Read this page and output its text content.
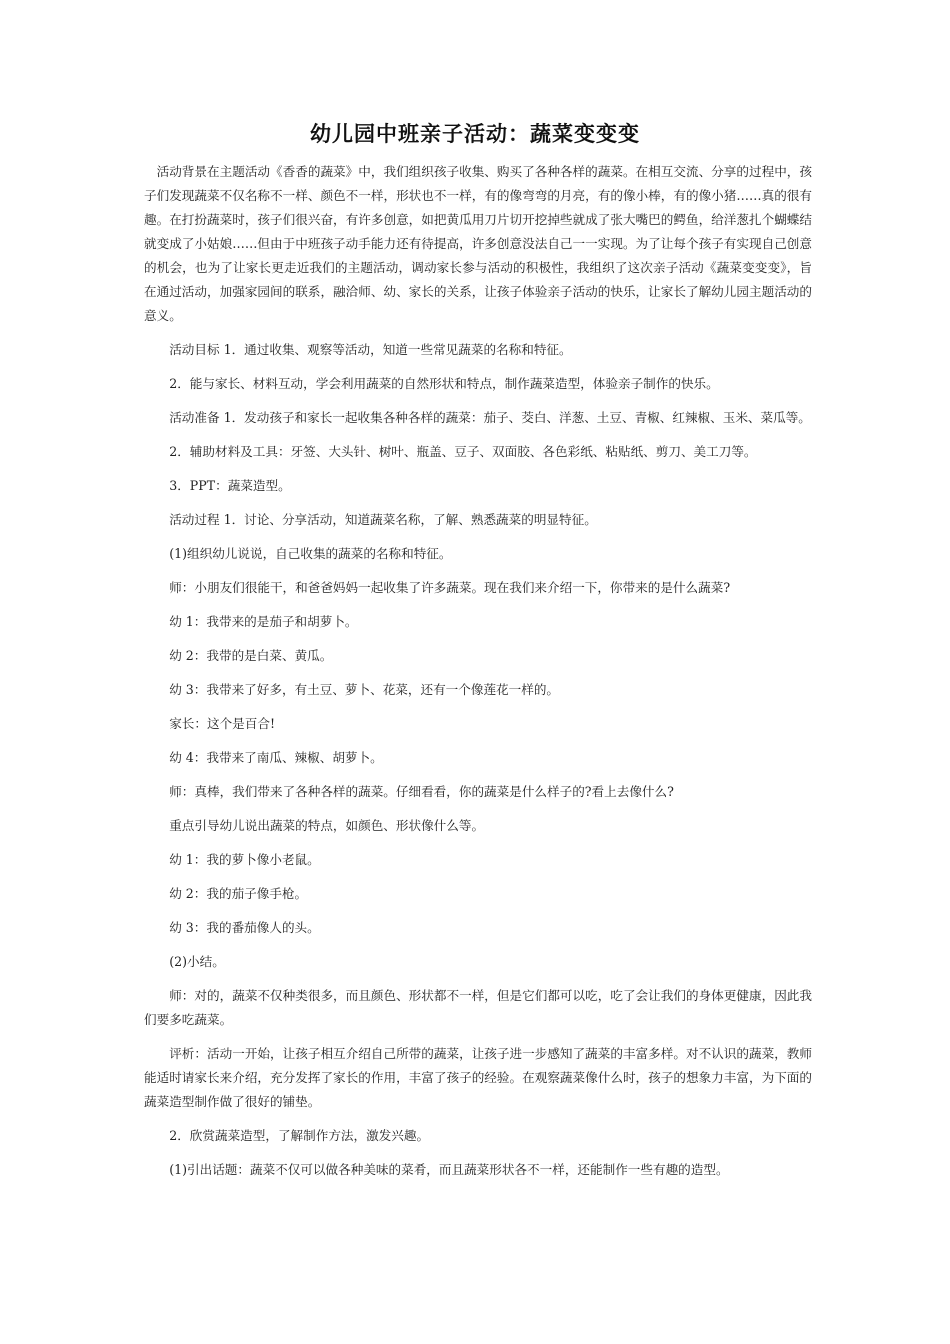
幼儿园中班亲子活动：蔬菜变变变

活动背景在主题活动《香香的蔬菜》中，我们组织孩子收集、购买了各种各样的蔬菜。在相互交流、分享的过程中，孩子们发现蔬菜不仅名称不一样、颜色不一样，形状也不一样，有的像弯弯的月亮，有的像小棒，有的像小猪……真的很有趣。在打扮蔬菜时，孩子们很兴奋，有许多创意，如把黄瓜用刀片切开挖掉些就成了张大嘴巴的鳄鱼，给洋葱扎个蝴蝶结就变成了小姑娘……但由于中班孩子动手能力还有待提高，许多创意没法自己一一实现。为了让每个孩子有实现自己创意的机会，也为了让家长更走近我们的主题活动，调动家长参与活动的积极性，我组织了这次亲子活动《蔬菜变变变》，旨在通过活动，加强家园间的联系，融洽师、幼、家长的关系，让孩子体验亲子活动的快乐，让家长了解幼儿园主题活动的意义。

活动目标 1．通过收集、观察等活动，知道一些常见蔬菜的名称和特征。

2．能与家长、材料互动，学会利用蔬菜的自然形状和特点，制作蔬菜造型，体验亲子制作的快乐。

活动准备 1．发动孩子和家长一起收集各种各样的蔬菜：茄子、茭白、洋葱、土豆、青椒、红辣椒、玉米、菜瓜等。

2．辅助材料及工具：牙签、大头针、树叶、瓶盖、豆子、双面胶、各色彩纸、粘贴纸、剪刀、美工刀等。

3．PPT：蔬菜造型。

活动过程 1．讨论、分享活动，知道蔬菜名称，了解、熟悉蔬菜的明显特征。

(1)组织幼儿说说，自己收集的蔬菜的名称和特征。

师：小朋友们很能干，和爸爸妈妈一起收集了许多蔬菜。现在我们来介绍一下，你带来的是什么蔬菜?

幼 1：我带来的是茄子和胡萝卜。

幼 2：我带的是白菜、黄瓜。

幼 3：我带来了好多，有土豆、萝卜、花菜，还有一个像莲花一样的。

家长：这个是百合!

幼 4：我带来了南瓜、辣椒、胡萝卜。

师：真棒，我们带来了各种各样的蔬菜。仔细看看，你的蔬菜是什么样子的?看上去像什么?

重点引导幼儿说出蔬菜的特点，如颜色、形状像什么等。

幼 1：我的萝卜像小老鼠。

幼 2：我的茄子像手枪。

幼 3：我的番茄像人的头。

(2)小结。

师：对的，蔬菜不仅种类很多，而且颜色、形状都不一样，但是它们都可以吃，吃了会让我们的身体更健康，因此我们要多吃蔬菜。

评析：活动一开始，让孩子相互介绍自己所带的蔬菜，让孩子进一步感知了蔬菜的丰富多样。对不认识的蔬菜，教师能适时请家长来介绍，充分发挥了家长的作用，丰富了孩子的经验。在观察蔬菜像什么时，孩子的想象力丰富，为下面的蔬菜造型制作做了很好的铺垫。

2．欣赏蔬菜造型，了解制作方法，激发兴趣。

(1)引出话题：蔬菜不仅可以做各种美味的菜肴，而且蔬菜形状各不一样，还能制作一些有趣的造型。
